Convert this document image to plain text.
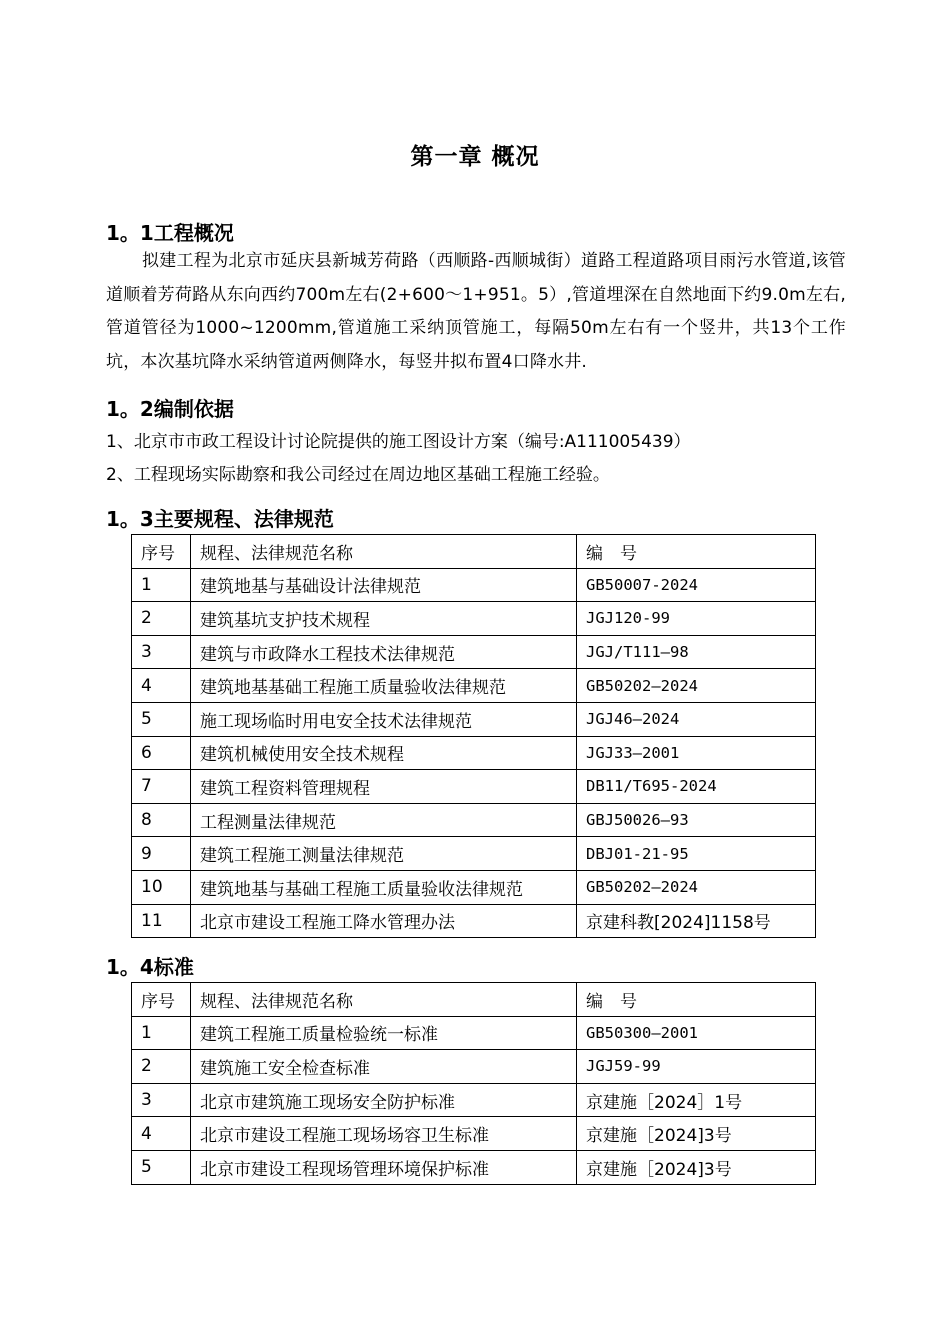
第一章 概况
1。1工程概况
拟建工程为北京市延庆县新城芳荷路（西顺路-西顺城街）道路工程道路项目雨污水管道,该管道顺着芳荷路从东向西约700m左右(2+600～1+951。5）,管道埋深在自然地面下约9.0m左右,管道管径为1000~1200mm,管道施工采纳顶管施工，每隔50m左右有一个竖井，共13个工作坑，本次基坑降水采纳管道两侧降水，每竖井拟布置4口降水井.
1。2编制依据
1、北京市市政工程设计讨论院提供的施工图设计方案（编号:A111005439）
2、工程现场实际勘察和我公司经过在周边地区基础工程施工经验。
1。3主要规程、法律规范
序号	规程、法律规范名称	编　号
1	建筑地基与基础设计法律规范	GB50007-2024
2	建筑基坑支护技术规程	JGJ120-99
3	建筑与市政降水工程技术法律规范	JGJ/T111—98
4	建筑地基基础工程施工质量验收法律规范	GB50202—2024
5	施工现场临时用电安全技术法律规范	JGJ46—2024
6	建筑机械使用安全技术规程	JGJ33—2001
7	建筑工程资料管理规程	DB11/T695-2024
8	工程测量法律规范	GBJ50026—93
9	建筑工程施工测量法律规范	DBJ01-21-95
10	建筑地基与基础工程施工质量验收法律规范	GB50202—2024
11	北京市建设工程施工降水管理办法	京建科教[2024]1158号
1。4标准
序号	规程、法律规范名称	编　号
1	建筑工程施工质量检验统一标准	GB50300—2001
2	建筑施工安全检查标准	JGJ59-99
3	北京市建筑施工现场安全防护标准	京建施［2024］1号
4	北京市建设工程施工现场场容卫生标准	京建施［2024]3号
5	北京市建设工程现场管理环境保护标准	京建施［2024]3号
